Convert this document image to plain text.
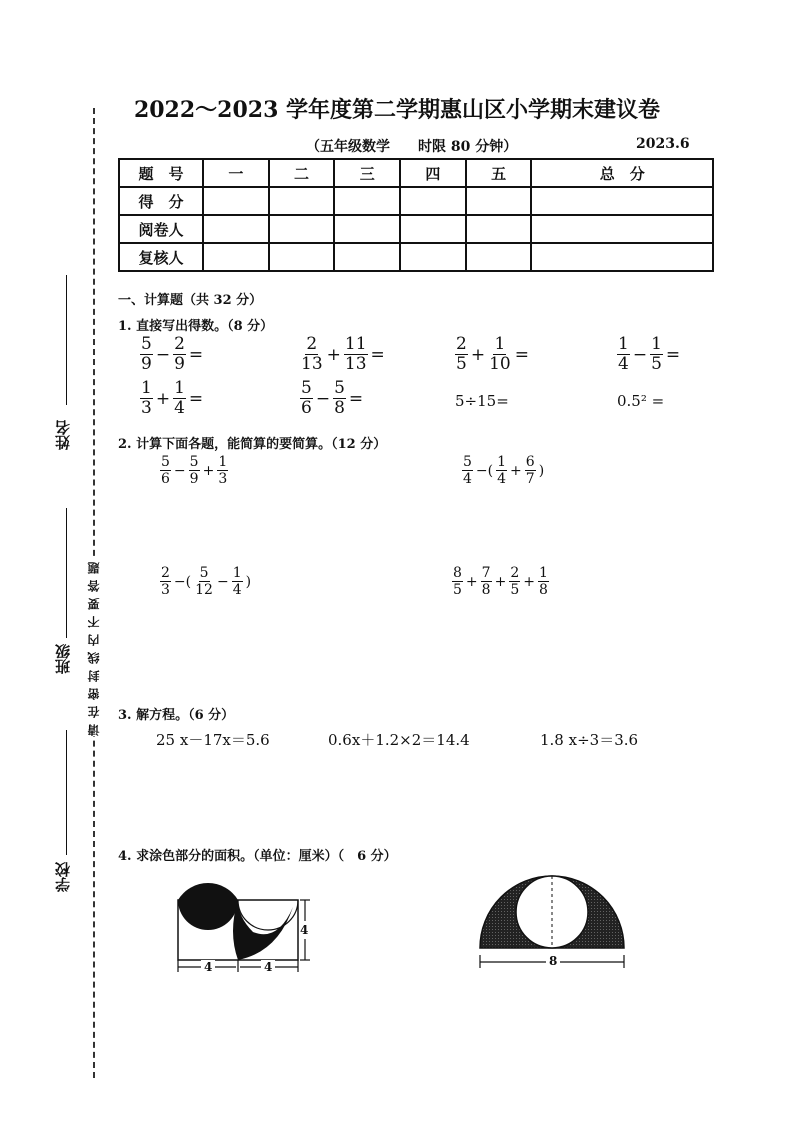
姓名
班级
学校
请在密封线内不要答题
2022～2023 学年度第二学期惠山区小学期末建议卷
（五年级数学　　时限 80 分钟）	2023.6
题　号	一	二	三	四	五	总　分
得　分						
阅卷人						
复核人						
一、计算题（共 32 分）
1. 直接写出得数。（8 分）
$\frac{5}{9} - \frac{2}{9}$ =	$\frac{2}{13} + \frac{11}{13}$ =	$\frac{2}{5} + \frac{1}{10}$ =	$\frac{1}{4} - \frac{1}{5}$ =
$\frac{1}{3} + \frac{1}{4}$ =	$\frac{5}{6} - \frac{5}{8}$ =	5÷15=	0.5² =
2. 计算下面各题，能简算的要简算。（12 分）
$\frac{5}{6} - \frac{5}{9} + \frac{1}{3}$	$\frac{5}{4}$ −( $\frac{1}{4} + \frac{6}{7}$ )
$\frac{2}{3}$ −( $\frac{5}{12} - \frac{1}{4}$ )	$\frac{8}{5} + \frac{7}{8} + \frac{2}{5} + \frac{1}{8}$
3. 解方程。（6 分）
25 x－17x＝5.6	0.6x＋1.2×2＝14.4	1.8 x÷3＝3.6
4. 求涂色部分的面积。（单位：厘米）（　6 分）
4	4
4
8
